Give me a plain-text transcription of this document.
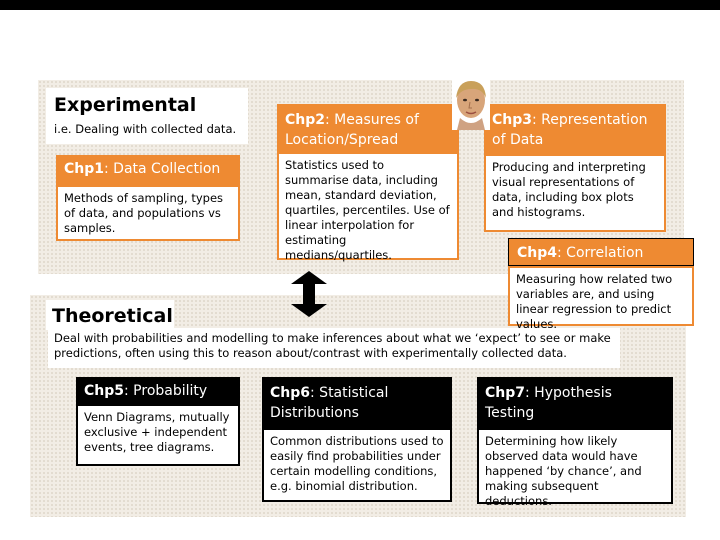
Experimental
i.e. Dealing with collected data.
Theoretical
Deal with probabilities and modelling to make inferences about what we ‘expect’ to see or make predictions, often using this to reason about/contrast with experimentally collected data.
Chp1: Data Collection
Methods of sampling, types of data, and populations vs samples.
Chp2: Measures of Location/Spread
Statistics used to summarise data, including mean, standard deviation, quartiles, percentiles. Use of linear interpolation for estimating medians/quartiles.
Chp3: Representation of Data
Producing and interpreting visual representations of data, including box plots and histograms.
Chp4: Correlation
Measuring how related two variables are, and using linear regression to predict values.
Chp5: Probability
Venn Diagrams, mutually exclusive + independent events, tree diagrams.
Chp6: Statistical Distributions
Common distributions used to easily find probabilities under certain modelling conditions, e.g. binomial distribution.
Chp7: Hypothesis Testing
Determining how likely observed data would have happened ‘by chance’, and making subsequent deductions.
